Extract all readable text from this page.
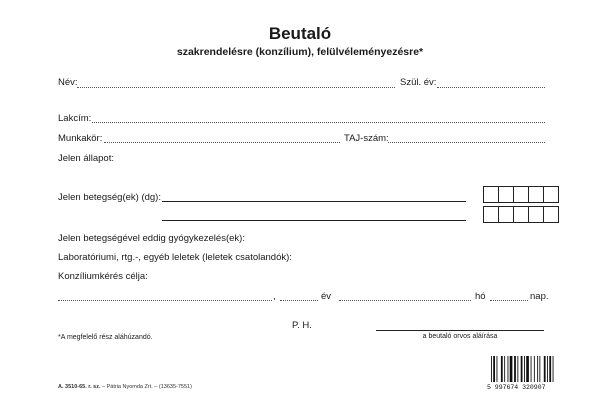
Beutaló
szakrendelésre (konzílium), felülvéleményezésre*
Név:	Szül. év:
Lakcím:
Munkakör:	TAJ-szám:
Jelen állapot:
Jelen betegség(ek) (dg):
Jelen betegségével eddig gyógykezelés(ek):
Laboratóriumi, rtg.-, egyéb leletek (leletek csatolandók):
Konzíliumkérés célja:
,	év	hó	nap.
P. H.
a beutaló orvos aláírása
*A megfelelő rész aláhúzandó.
A. 3510-65. r. sz. – Pátria Nyomda Zrt. – (13635-7551)	5 997674 320907
